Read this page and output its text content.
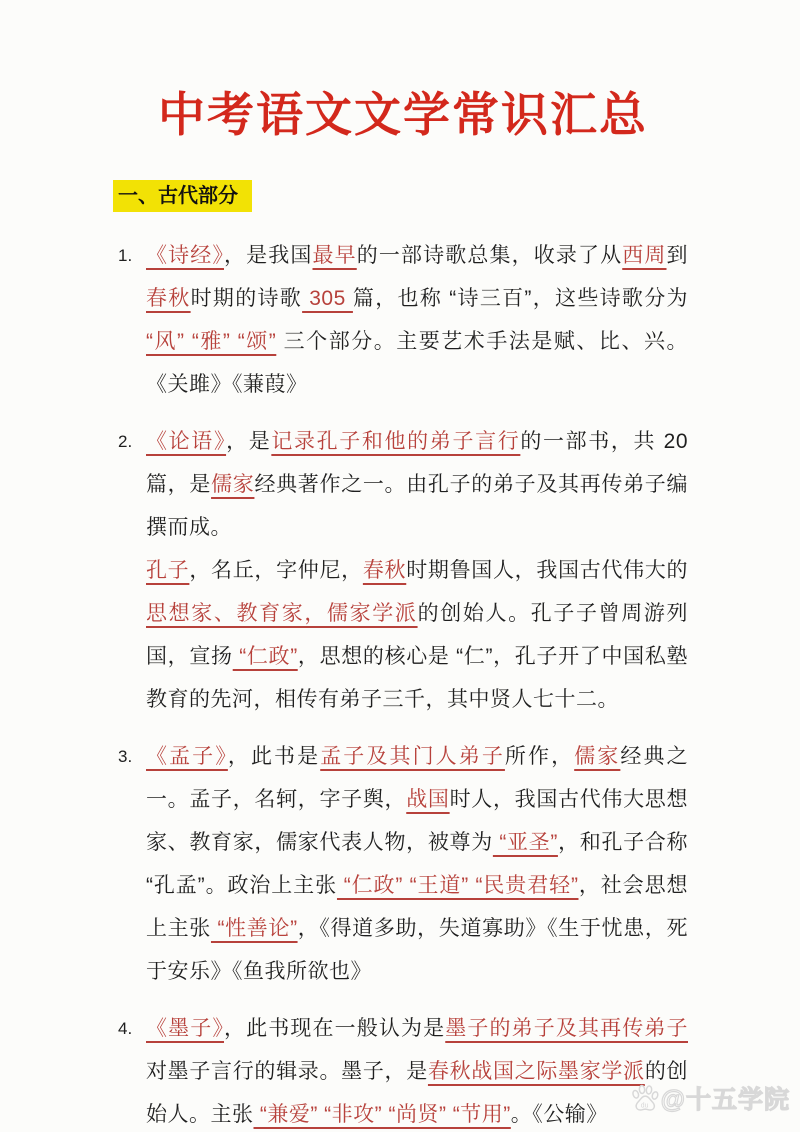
中考语文文学常识汇总
一、古代部分
1. 《诗经》，是我国最早的一部诗歌总集，收录了从西周到春秋时期的诗歌 305 篇，也称 “诗三百”，这些诗歌分为 “风” “雅” “颂” 三个部分。主要艺术手法是赋、比、兴。《关雎》《蒹葭》

2. 《论语》，是记录孔子和他的弟子言行的一部书，共 20 篇，是儒家经典著作之一。由孔子的弟子及其再传弟子编撰而成。

孔子，名丘，字仲尼，春秋时期鲁国人，我国古代伟大的思想家、教育家，儒家学派的创始人。孔子子曾周游列国，宣扬 “仁政”，思想的核心是 “仁”，孔子开了中国私塾教育的先河，相传有弟子三千，其中贤人七十二。

3. 《孟子》，此书是孟子及其门人弟子所作，儒家经典之一。孟子，名轲，字子舆，战国时人，我国古代伟大思想家、教育家，儒家代表人物，被尊为 “亚圣”，和孔子合称 “孔孟”。政治上主张 “仁政” “王道” “民贵君轻”，社会思想上主张 “性善论”，《得道多助，失道寡助》《生于忧患，死于安乐》《鱼我所欲也》

4. 《墨子》，此书现在一般认为是墨子的弟子及其再传弟子对墨子言行的辑录。墨子，是春秋战国之际墨家学派的创始人。主张 “兼爱” “非攻” “尚贤” “节用”。《公输》	du @十五学院
